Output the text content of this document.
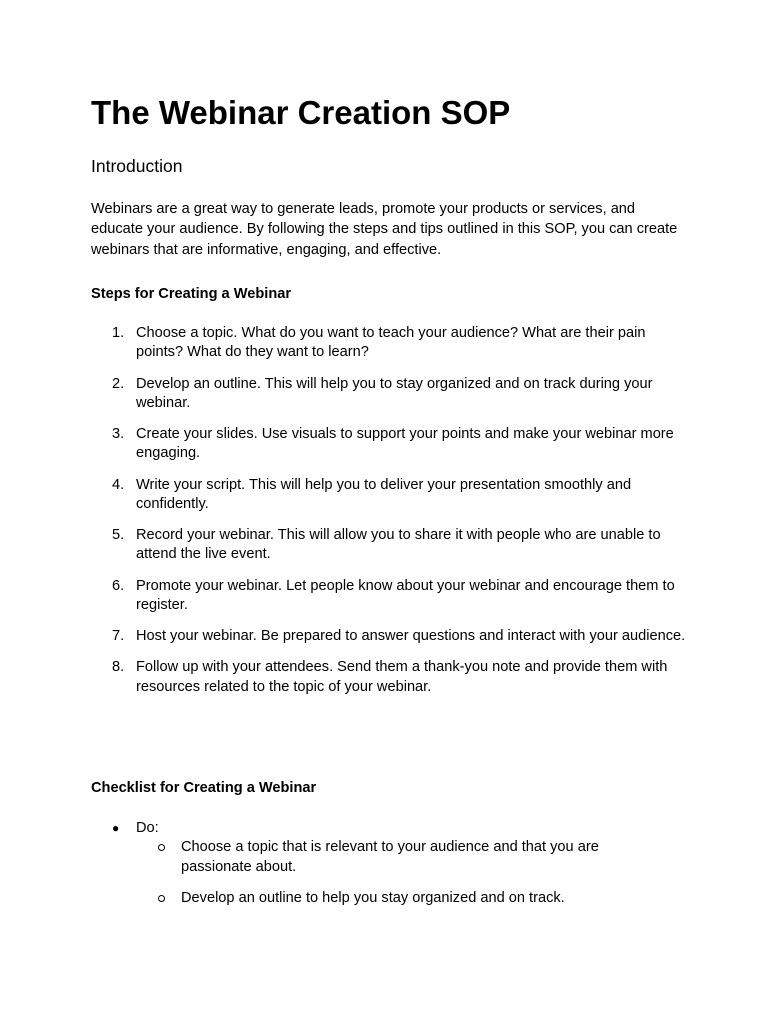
The Webinar Creation SOP
Introduction

Webinars are a great way to generate leads, promote your products or services, and educate your audience. By following the steps and tips outlined in this SOP, you can create webinars that are informative, engaging, and effective.

Steps for Creating a Webinar
1. Choose a topic. What do you want to teach your audience? What are their pain points? What do they want to learn?
2. Develop an outline. This will help you to stay organized and on track during your webinar.
3. Create your slides. Use visuals to support your points and make your webinar more engaging.
4. Write your script. This will help you to deliver your presentation smoothly and confidently.
5. Record your webinar. This will allow you to share it with people who are unable to attend the live event.
6. Promote your webinar. Let people know about your webinar and encourage them to register.
7. Host your webinar. Be prepared to answer questions and interact with your audience.
8. Follow up with your attendees. Send them a thank-you note and provide them with resources related to the topic of your webinar.
Checklist for Creating a Webinar
● Do:
Choose a topic that is relevant to your audience and that you are passionate about.
Develop an outline to help you stay organized and on track.
